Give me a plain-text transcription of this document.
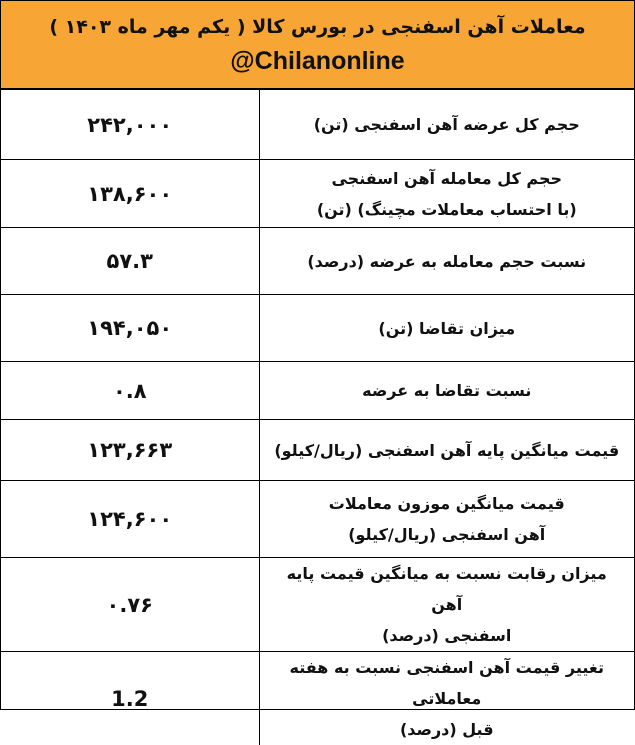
معاملات آهن اسفنجی در بورس کالا ( یکم مهر ماه ۱۴۰۳ )
@Chilanonline
۲۴۲,۰۰۰	حجم کل عرضه آهن اسفنجی (تن)
۱۳۸,۶۰۰	حجم کل معامله آهن اسفنجی
(با احتساب معاملات مچینگ) (تن)
۵۷.۳	نسبت حجم معامله به عرضه (درصد)
۱۹۴,۰۵۰	میزان تقاضا (تن)
۰.۸	نسبت تقاضا به عرضه
۱۲۳,۶۶۳	قیمت میانگین پایه آهن اسفنجی (ریال/کیلو)
۱۲۴,۶۰۰	قیمت میانگین موزون معاملات
آهن اسفنجی (ریال/کیلو)
۰.۷۶	میزان رقابت نسبت به میانگین قیمت پایه آهن
اسفنجی (درصد)
1.2	تغییر قیمت آهن اسفنجی نسبت به هفته معاملاتی
قبل (درصد)
